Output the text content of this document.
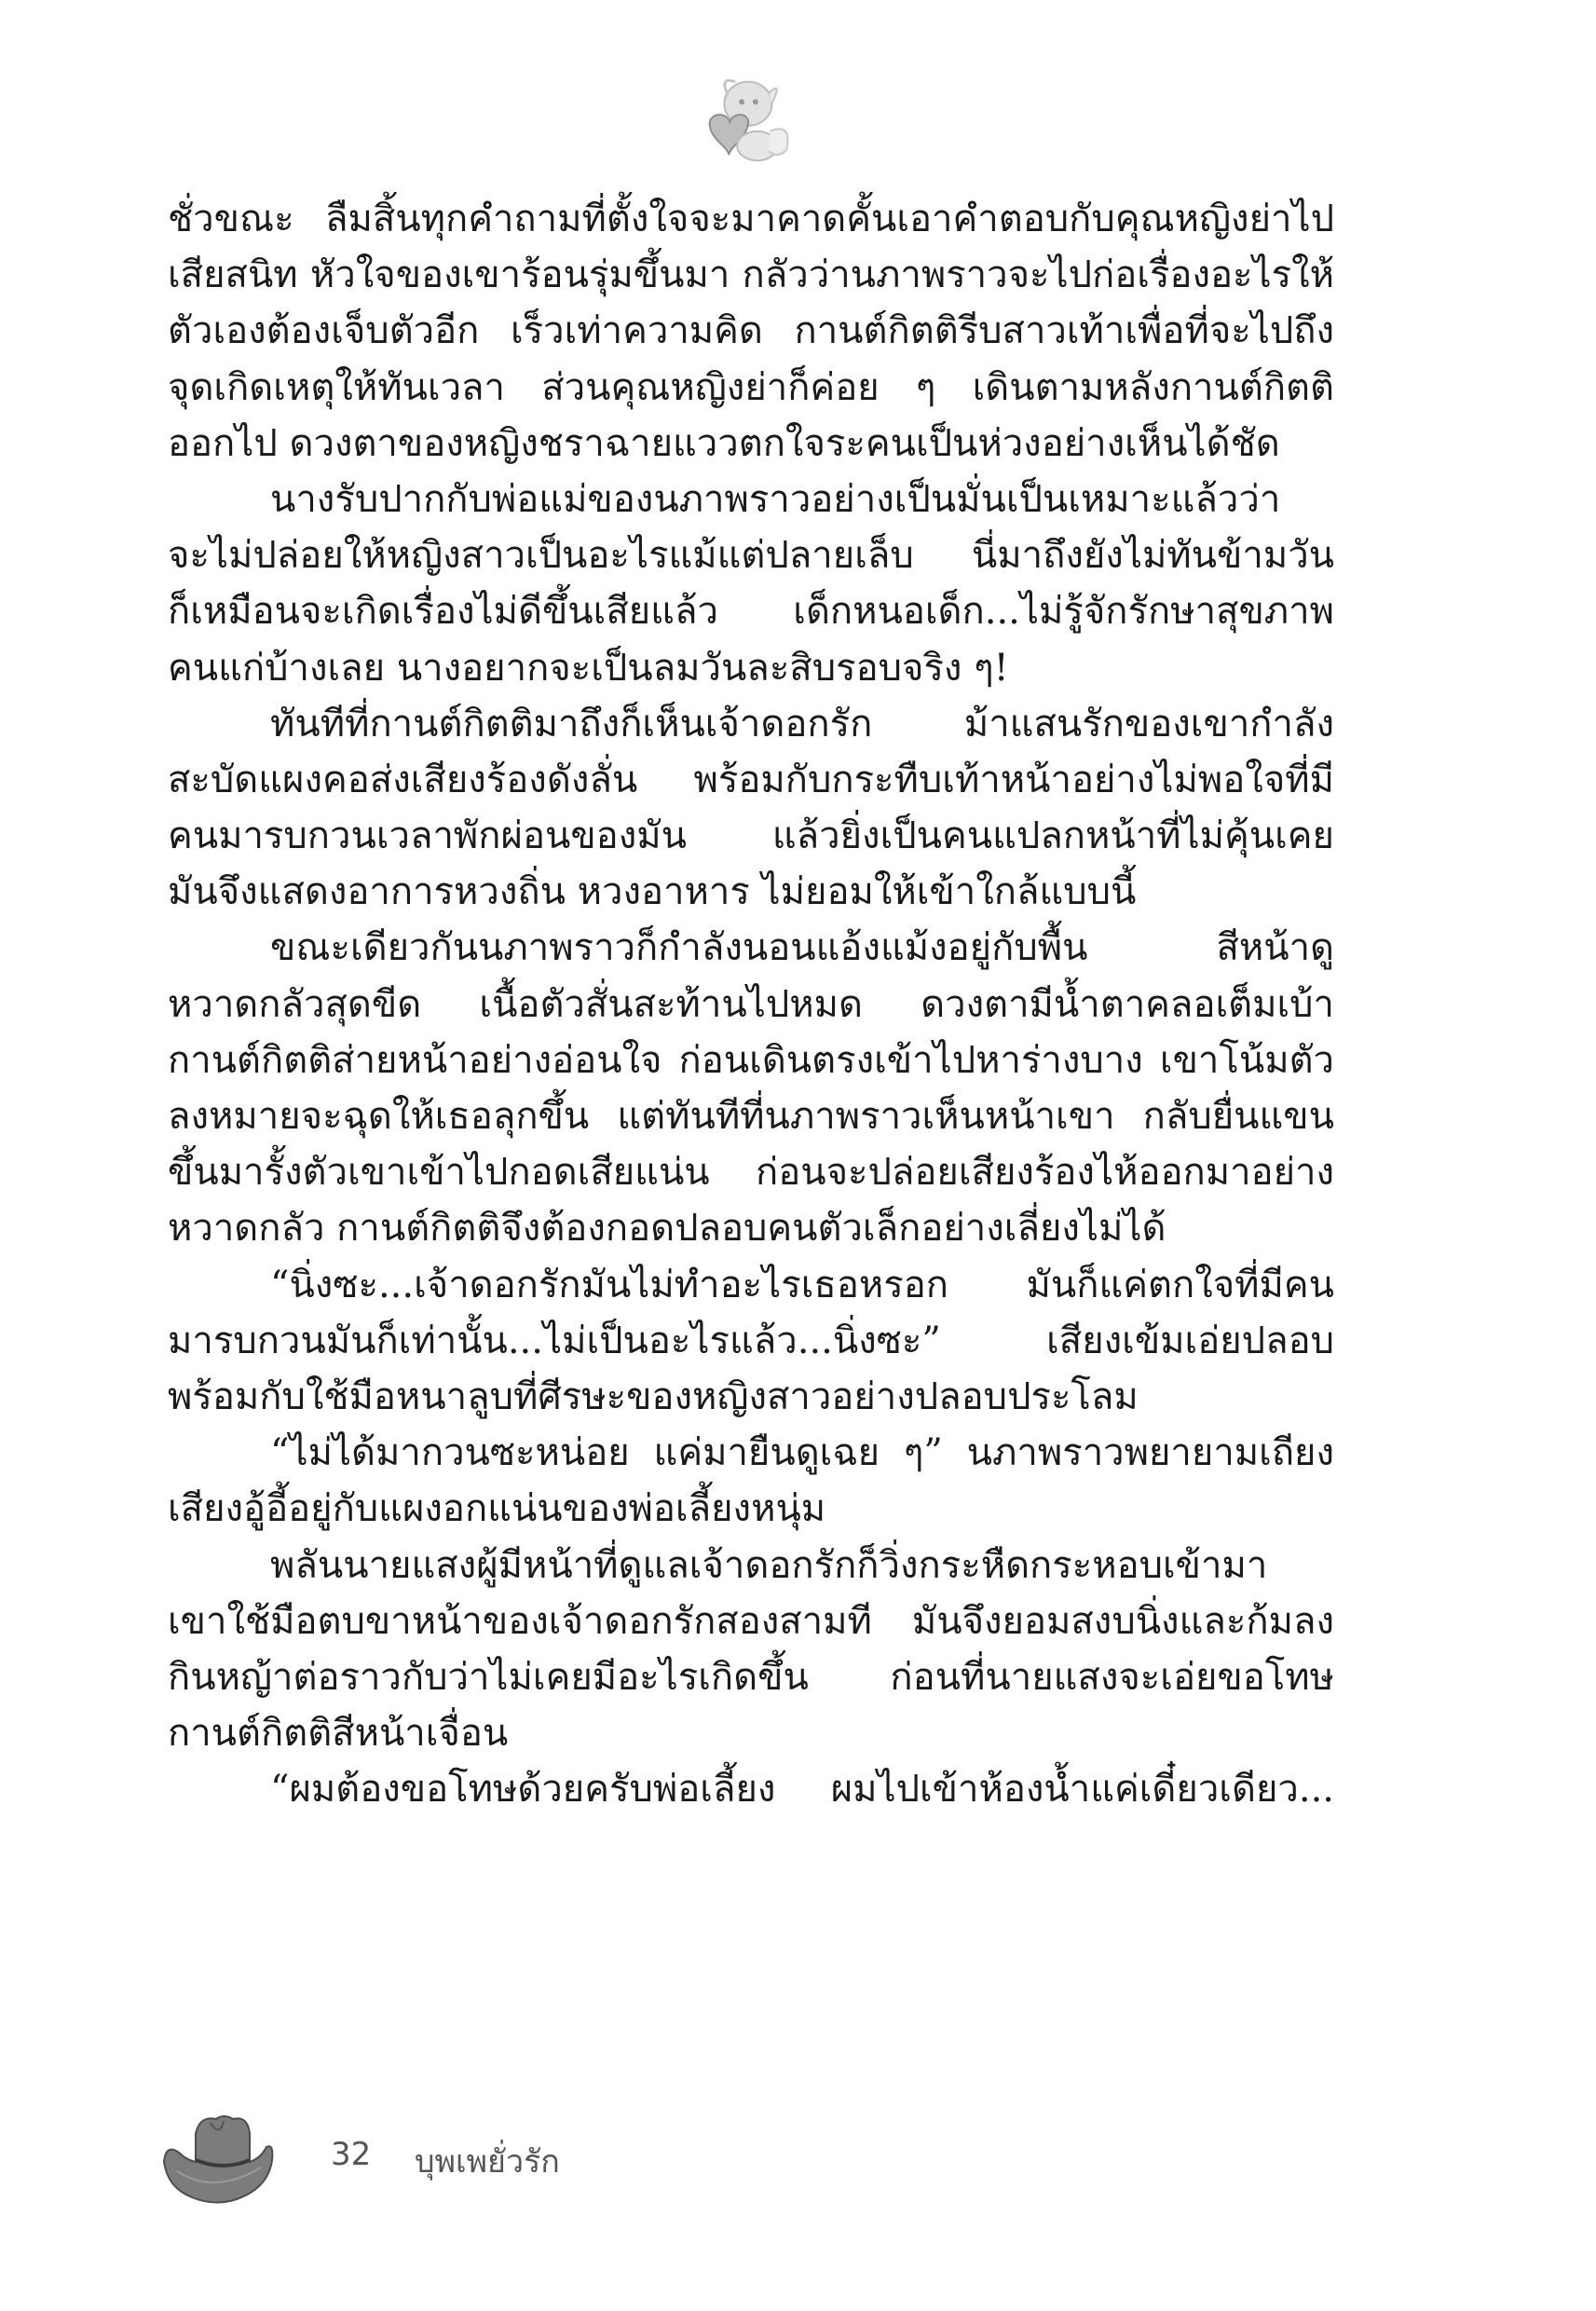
ชั่วขณะ ลืมสิ้นทุกคำถามที่ตั้งใจจะมาคาดคั้นเอาคำตอบกับคุณหญิงย่าไป
เสียสนิท หัวใจของเขาร้อนรุ่มขึ้นมา กลัวว่านภาพราวจะไปก่อเรื่องอะไรให้
ตัวเองต้องเจ็บตัวอีก เร็วเท่าความคิด กานต์กิตติรีบสาวเท้าเพื่อที่จะไปถึง
จุดเกิดเหตุให้ทันเวลา ส่วนคุณหญิงย่าก็ค่อย ๆ เดินตามหลังกานต์กิตติ
ออกไป ดวงตาของหญิงชราฉายแววตกใจระคนเป็นห่วงอย่างเห็นได้ชัด
นางรับปากกับพ่อแม่ของนภาพราวอย่างเป็นมั่นเป็นเหมาะแล้วว่า
จะไม่ปล่อยให้หญิงสาวเป็นอะไรแม้แต่ปลายเล็บ นี่มาถึงยังไม่ทันข้ามวัน
ก็เหมือนจะเกิดเรื่องไม่ดีขึ้นเสียแล้ว เด็กหนอเด็ก...ไม่รู้จักรักษาสุขภาพ
คนแก่บ้างเลย นางอยากจะเป็นลมวันละสิบรอบจริง ๆ!
ทันทีที่กานต์กิตติมาถึงก็เห็นเจ้าดอกรัก ม้าแสนรักของเขากำลัง
สะบัดแผงคอส่งเสียงร้องดังลั่น พร้อมกับกระทืบเท้าหน้าอย่างไม่พอใจที่มี
คนมารบกวนเวลาพักผ่อนของมัน แล้วยิ่งเป็นคนแปลกหน้าที่ไม่คุ้นเคย
มันจึงแสดงอาการหวงถิ่น หวงอาหาร ไม่ยอมให้เข้าใกล้แบบนี้
ขณะเดียวกันนภาพราวก็กำลังนอนแอ้งแม้งอยู่กับพื้น สีหน้าดู
หวาดกลัวสุดขีด เนื้อตัวสั่นสะท้านไปหมด ดวงตามีน้ำตาคลอเต็มเบ้า
กานต์กิตติส่ายหน้าอย่างอ่อนใจ ก่อนเดินตรงเข้าไปหาร่างบาง เขาโน้มตัว
ลงหมายจะฉุดให้เธอลุกขึ้น แต่ทันทีที่นภาพราวเห็นหน้าเขา กลับยื่นแขน
ขึ้นมารั้งตัวเขาเข้าไปกอดเสียแน่น ก่อนจะปล่อยเสียงร้องไห้ออกมาอย่าง
หวาดกลัว กานต์กิตติจึงต้องกอดปลอบคนตัวเล็กอย่างเลี่ยงไม่ได้
“นิ่งซะ...เจ้าดอกรักมันไม่ทำอะไรเธอหรอก มันก็แค่ตกใจที่มีคน
มารบกวนมันก็เท่านั้น...ไม่เป็นอะไรแล้ว...นิ่งซะ” เสียงเข้มเอ่ยปลอบ
พร้อมกับใช้มือหนาลูบที่ศีรษะของหญิงสาวอย่างปลอบประโลม
“ไม่ได้มากวนซะหน่อย แค่มายืนดูเฉย ๆ” นภาพราวพยายามเถียง
เสียงอู้อี้อยู่กับแผงอกแน่นของพ่อเลี้ยงหนุ่ม
พลันนายแสงผู้มีหน้าที่ดูแลเจ้าดอกรักก็วิ่งกระหืดกระหอบเข้ามา
เขาใช้มือตบขาหน้าของเจ้าดอกรักสองสามที มันจึงยอมสงบนิ่งและก้มลง
กินหญ้าต่อราวกับว่าไม่เคยมีอะไรเกิดขึ้น ก่อนที่นายแสงจะเอ่ยขอโทษ
กานต์กิตติสีหน้าเจื่อน
“ผมต้องขอโทษด้วยครับพ่อเลี้ยง ผมไปเข้าห้องน้ำแค่เดี๋ยวเดียว...
32 บุพเพยั่วรัก
